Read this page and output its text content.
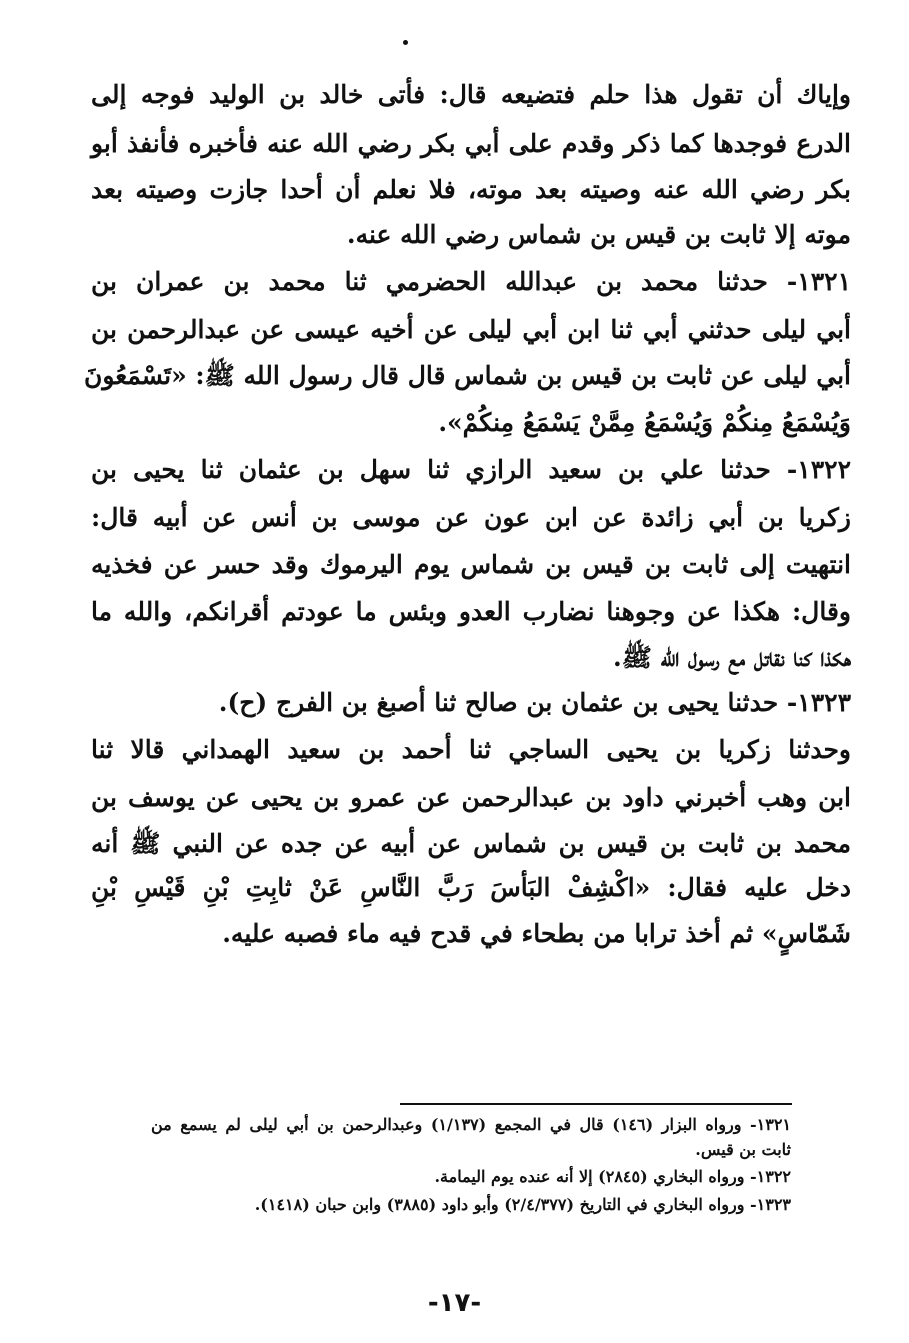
وإياك أن تقول هذا حلم فتضيعه قال: فأتى خالد بن الوليد فوجه إلى
الدرع فوجدها كما ذكر وقدم على أبي بكر رضي الله عنه فأخبره فأنفذ أبو
بكر رضي الله عنه وصيته بعد موته، فلا نعلم أن أحدا جازت وصيته بعد
موته إلا ثابت بن قيس بن شماس رضي الله عنه.
١٣٢١- حدثنا محمد بن عبدالله الحضرمي ثنا محمد بن عمران بن
أبي ليلى حدثني أبي ثنا ابن أبي ليلى عن أخيه عيسى عن عبدالرحمن بن
أبي ليلى عن ثابت بن قيس بن شماس قال قال رسول الله ﷺ: «تَسْمَعُونَ
وَيُسْمَعُ مِنكُمْ وَيُسْمَعُ مِمَّنْ يَسْمَعُ مِنكُمْ».
١٣٢٢- حدثنا علي بن سعيد الرازي ثنا سهل بن عثمان ثنا يحيى بن
زكريا بن أبي زائدة عن ابن عون عن موسى بن أنس عن أبيه قال:
انتهيت إلى ثابت بن قيس بن شماس يوم اليرموك وقد حسر عن فخذيه
وقال: هكذا عن وجوهنا نضارب العدو وبئس ما عودتم أقرانكم، والله ما
هكذا كنا نقاتل مع رسول الله ﷺ.
١٣٢٣- حدثنا يحيى بن عثمان بن صالح ثنا أصبغ بن الفرج (ح).
وحدثنا زكريا بن يحيى الساجي ثنا أحمد بن سعيد الهمداني قالا ثنا
ابن وهب أخبرني داود بن عبدالرحمن عن عمرو بن يحيى عن يوسف بن
محمد بن ثابت بن قيس بن شماس عن أبيه عن جده عن النبي ﷺ أنه
دخل عليه فقال: «اكْشِفْ البَأسَ رَبَّ النَّاسِ عَنْ ثابِتِ بْنِ قَيْسِ بْنِ
شَمّاسٍ» ثم أخذ ترابا من بطحاء في قدح فيه ماء فصبه عليه.
١٣٢١- ورواه البزار (١٤٦) قال في المجمع (١/١٣٧) وعبدالرحمن بن أبي ليلى لم يسمع من
ثابت بن قيس.
١٣٢٢- ورواه البخاري (٢٨٤٥) إلا أنه عنده يوم اليمامة.
١٣٢٣- ورواه البخاري في التاريخ (٢/٤/٣٧٧) وأبو داود (٣٨٨٥) وابن حبان (١٤١٨).
-١٧-
